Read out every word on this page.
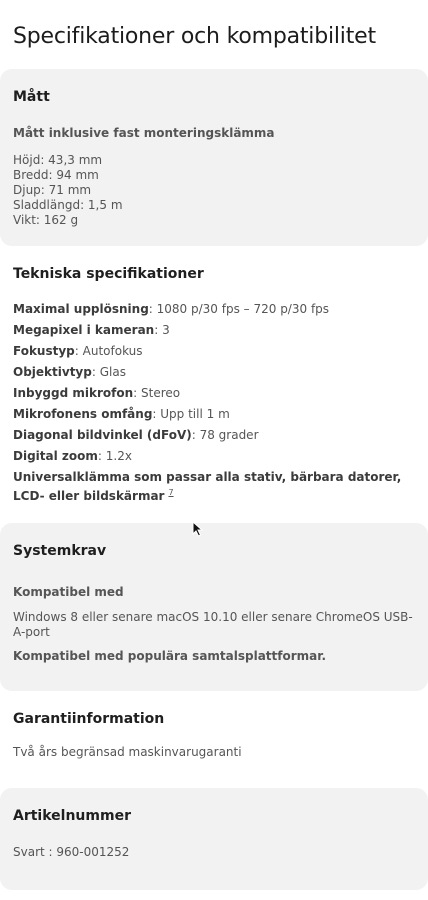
Specifikationer och kompatibilitet
Mått

Mått inklusive fast monteringsklämma

Höjd: 43,3 mm
Bredd: 94 mm
Djup: 71 mm
Sladdlängd: 1,5 m
Vikt: 162 g
Tekniska specifikationer
Maximal upplösning: 1080 p/30 fps – 720 p/30 fps
Megapixel i kameran: 3
Fokustyp: Autofokus
Objektivtyp: Glas
Inbyggd mikrofon: Stereo
Mikrofonens omfång: Upp till 1 m
Diagonal bildvinkel (dFoV): 78 grader
Digital zoom: 1.2x
Universalklämma som passar alla stativ, bärbara datorer, LCD- eller bildskärmar $^7$
Systemkrav

Kompatibel med

Windows 8 eller senare macOS 10.10 eller senare ChromeOS USB-A-port

Kompatibel med populära samtalsplattformar.

Garantiinformation

Två års begränsad maskinvarugaranti

Artikelnummer

Svart : 960-001252
